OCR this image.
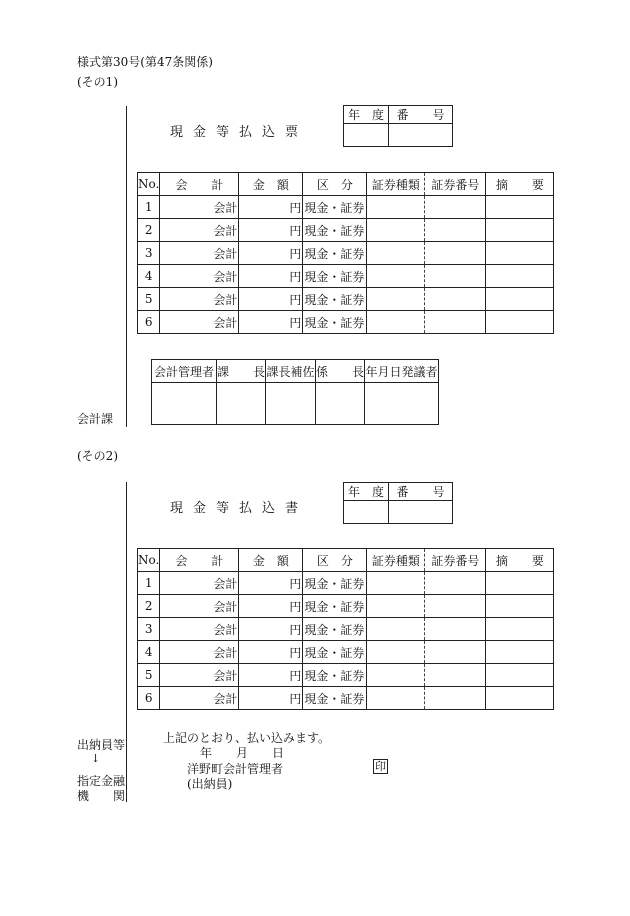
様式第30号(第47条関係)
(その1)
現金等払込票
年　度	番　　号

No.	会　　計	金　額	区　分	証券種類	証券番号	摘　　要
1	会計	円	現金・証券			
2	会計	円	現金・証券			
3	会計	円	現金・証券			
4	会計	円	現金・証券			
5	会計	円	現金・証券			
6	会計	円	現金・証券			
会計管理者	課　　長	課長補佐	係　　長	年月日発議者

会計課
(その2)
現金等払込書
年　度	番　　号

No.	会　　計	金　額	区　分	証券種類	証券番号	摘　　要
1	会計	円	現金・証券			
2	会計	円	現金・証券			
3	会計	円	現金・証券			
4	会計	円	現金・証券			
5	会計	円	現金・証券			
6	会計	円	現金・証券			
上記のとおり、払い込みます。
年　　月　　日
洋野町会計管理者	印
(出納員)
出納員等
↓
指定金融
機　　関
